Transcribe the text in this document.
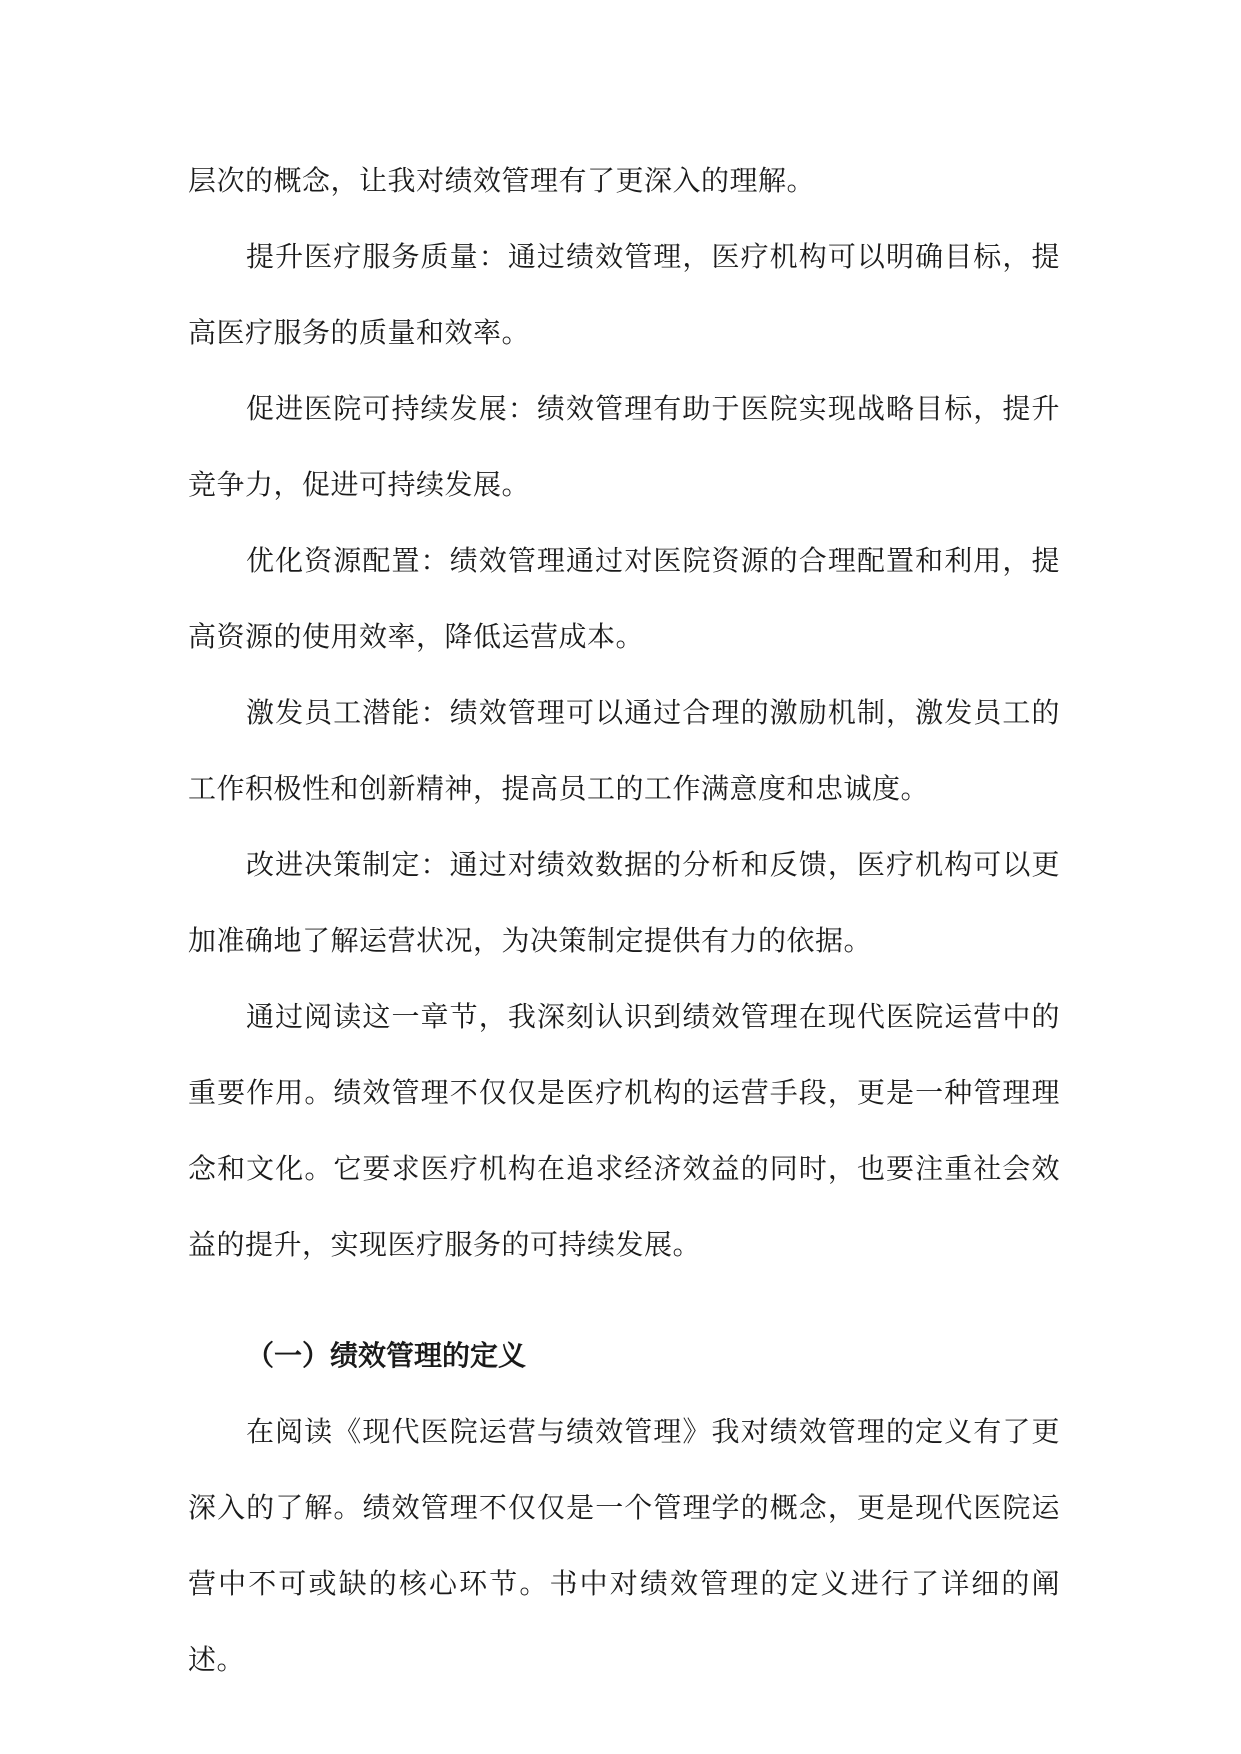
层次的概念，让我对绩效管理有了更深入的理解。

提升医疗服务质量：通过绩效管理，医疗机构可以明确目标，提高医疗服务的质量和效率。

促进医院可持续发展：绩效管理有助于医院实现战略目标，提升竞争力，促进可持续发展。

优化资源配置：绩效管理通过对医院资源的合理配置和利用，提高资源的使用效率，降低运营成本。

激发员工潜能：绩效管理可以通过合理的激励机制，激发员工的工作积极性和创新精神，提高员工的工作满意度和忠诚度。

改进决策制定：通过对绩效数据的分析和反馈，医疗机构可以更加准确地了解运营状况，为决策制定提供有力的依据。

通过阅读这一章节，我深刻认识到绩效管理在现代医院运营中的重要作用。绩效管理不仅仅是医疗机构的运营手段，更是一种管理理念和文化。它要求医疗机构在追求经济效益的同时，也要注重社会效益的提升，实现医疗服务的可持续发展。

（一）绩效管理的定义

在阅读《现代医院运营与绩效管理》我对绩效管理的定义有了更深入的了解。绩效管理不仅仅是一个管理学的概念，更是现代医院运营中不可或缺的核心环节。书中对绩效管理的定义进行了详细的阐述。
